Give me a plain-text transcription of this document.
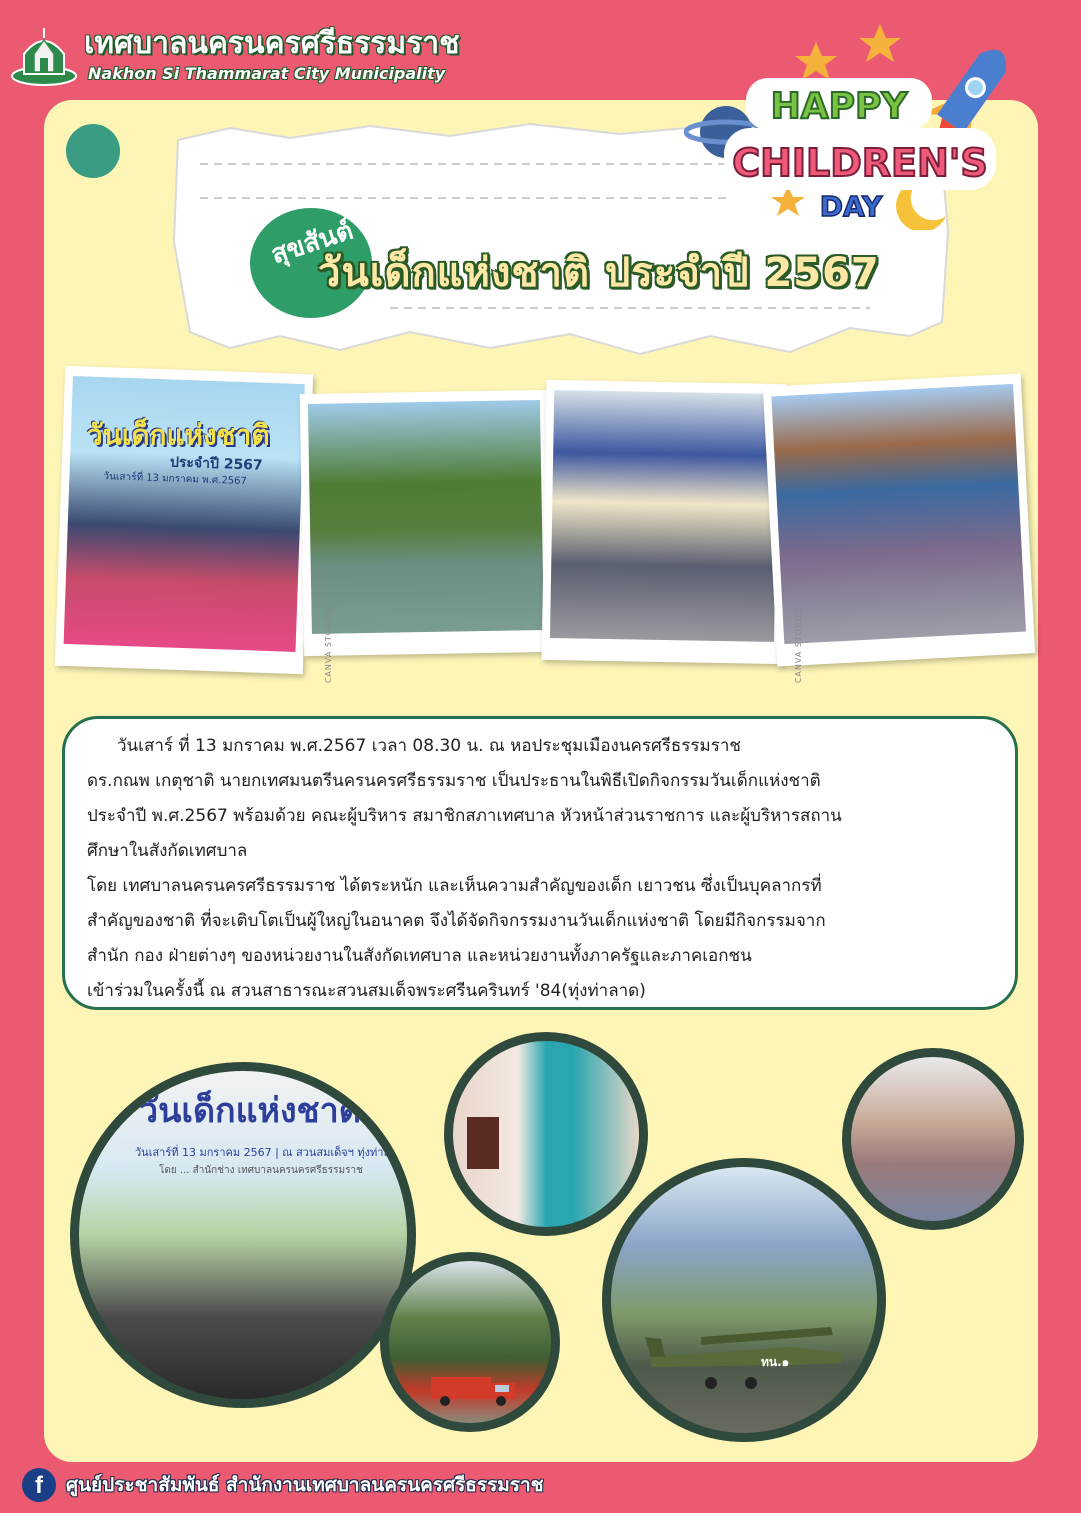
เทศบาลนครนครศรีธรรมราช
Nakhon Si Thammarat City Municipality
สุขสันต์
วันเด็กแห่งชาติ ประจำปี 2567
HAPPY
CHILDREN'S
DAY
วันเด็กแห่งชาติ
ประจำปี 2567
วันเสาร์ที่ 13 มกราคม พ.ศ.2567
CANVA STORIES	CANVA STORIES

วันเสาร์ ที่ 13 มกราคม พ.ศ.2567 เวลา 08.30 น. ณ หอประชุมเมืองนครศรีธรรมราช

ดร.กณพ เกตุชาติ นายกเทศมนตรีนครนครศรีธรรมราช เป็นประธานในพิธีเปิดกิจกรรมวันเด็กแห่งชาติ

ประจำปี พ.ศ.2567 พร้อมด้วย คณะผู้บริหาร สมาชิกสภาเทศบาล หัวหน้าส่วนราชการ และผู้บริหารสถาน

ศึกษาในสังกัดเทศบาล

โดย เทศบาลนครนครศรีธรรมราช ได้ตระหนัก และเห็นความสำคัญของเด็ก เยาวชน ซึ่งเป็นบุคลากรที่

สำคัญของชาติ ที่จะเติบโตเป็นผู้ใหญ่ในอนาคต จึงได้จัดกิจกรรมงานวันเด็กแห่งชาติ โดยมีกิจกรรมจาก

สำนัก กอง ฝ่ายต่างๆ ของหน่วยงานในสังกัดเทศบาล และหน่วยงานทั้งภาครัฐและภาคเอกชน

เข้าร่วมในครั้งนี้ ณ สวนสาธารณะสวนสมเด็จพระศรีนครินทร์ '84(ทุ่งท่าลาด)

วันเด็กแห่งชาติ
วันเสาร์ที่ 13 มกราคม 2567 | ณ สวนสมเด็จฯ ทุ่งท่าลาด
โดย ... สำนักช่าง เทศบาลนครนครศรีธรรมราช
ทน.๑
f	ศูนย์ประชาสัมพันธ์ สำนักงานเทศบาลนครนครศรีธรรมราช
